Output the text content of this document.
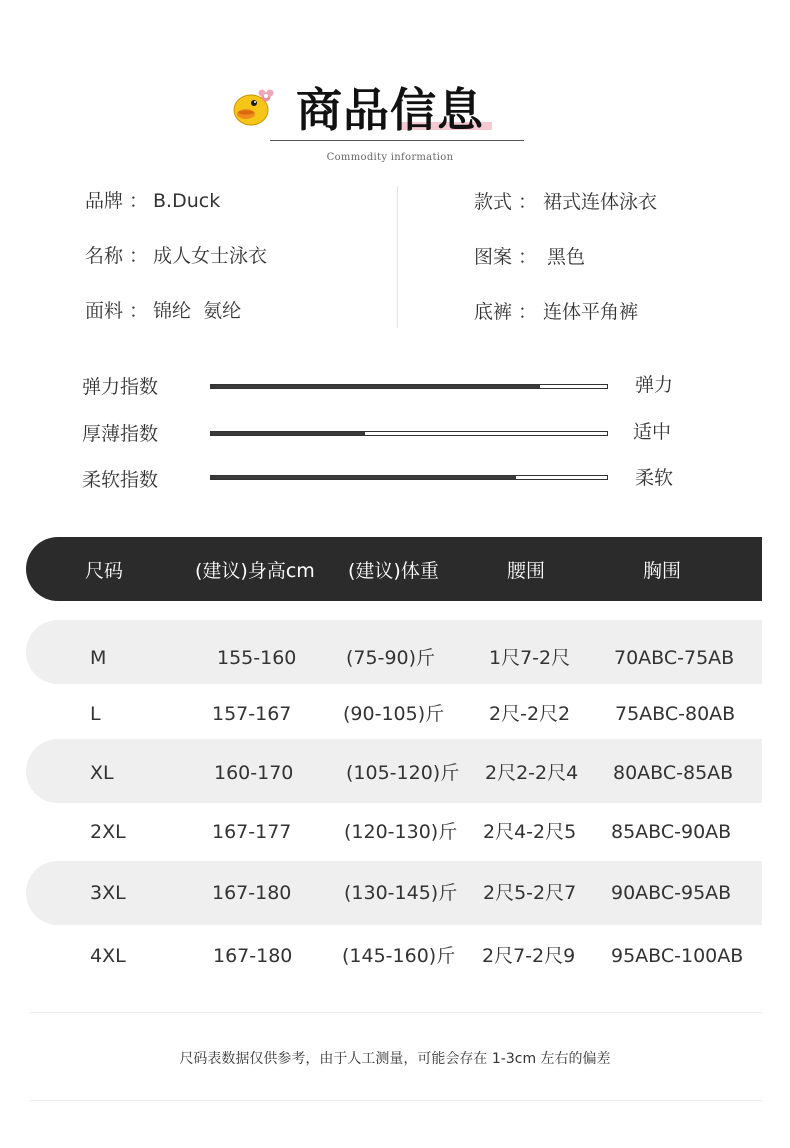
商品信息
Commodity information
品牌 ： B.Duck	款式 ： 裙式连体泳衣
名称 ： 成人女士泳衣	图案 ： 黑色
面料 ： 锦纶  氨纶	底裤 ： 连体平角裤
弹力指数	弹力
厚薄指数	适中
柔软指数	柔软
尺码	(建议)身高cm (建议)体重	腰围	胸围
M	155-160	(75-90)斤	1尺7-2尺 70ABC-75AB
L	157-167	(90-105)斤 2尺-2尺2 75ABC-80AB
XL	160-170	(105-120)斤 2尺2-2尺4 80ABC-85AB
2XL	167-177	(120-130)斤 2尺4-2尺5 85ABC-90AB
3XL	167-180	(130-145)斤 2尺5-2尺7 90ABC-95AB
4XL	167-180	(145-160)斤 2尺7-2尺9 95ABC-100AB
尺码表数据仅供参考，由于人工测量，可能会存在 1-3cm 左右的偏差
